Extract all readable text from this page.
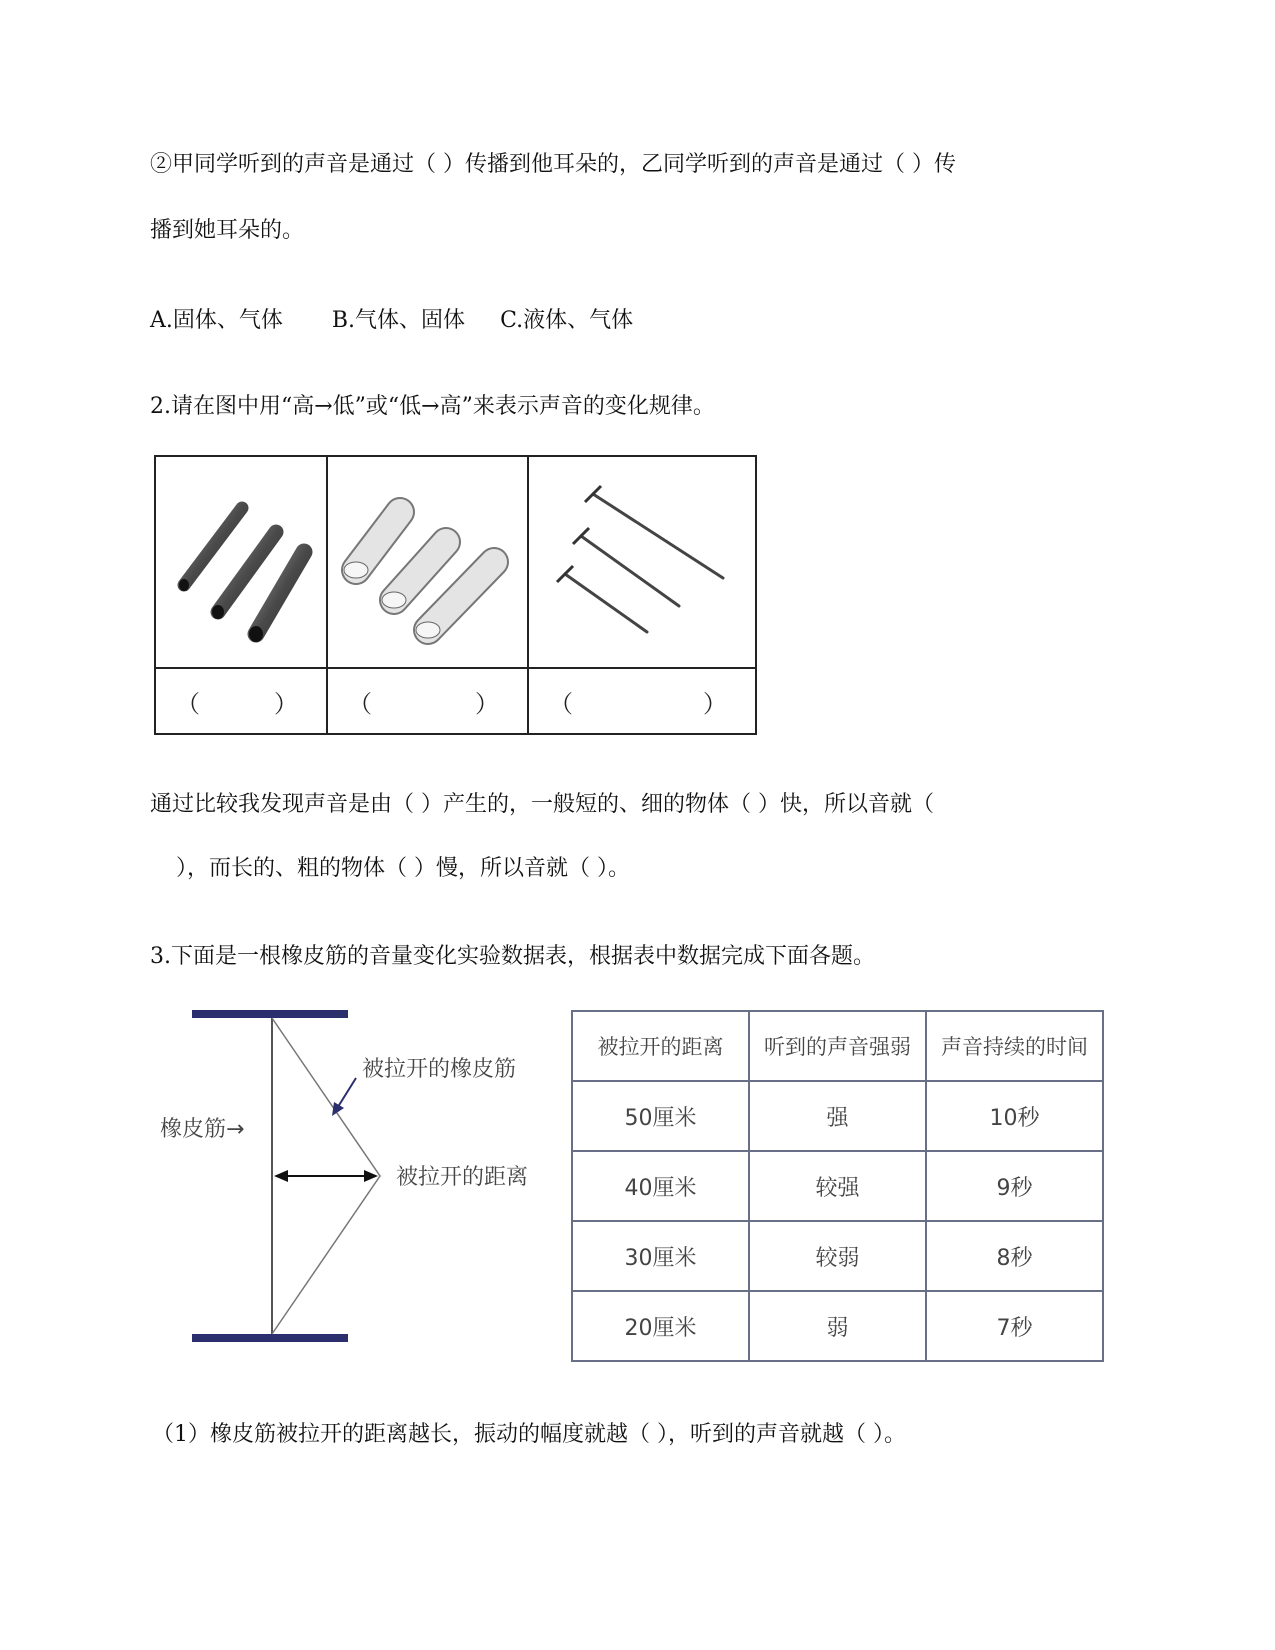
②甲同学听到的声音是通过（ ）传播到他耳朵的，乙同学听到的声音是通过（ ）传
播到她耳朵的。
A.固体、气体 B.气体、固体 C.液体、气体
2.请在图中用“高→低”或“低→高”来表示声音的变化规律。

（ ）	（ ）	（ ）
通过比较我发现声音是由（ ）产生的，一般短的、细的物体（ ）快，所以音就（
），而长的、粗的物体（ ）慢，所以音就（ ）。
3.下面是一根橡皮筋的音量变化实验数据表，根据表中数据完成下面各题。
橡皮筋→
被拉开的橡皮筋
被拉开的距离
被拉开的距离	听到的声音强弱	声音持续的时间
50厘米	强	10秒
40厘米	较强	9秒
30厘米	较弱	8秒
20厘米	弱	7秒
（1）橡皮筋被拉开的距离越长，振动的幅度就越（ ），听到的声音就越（ ）。
